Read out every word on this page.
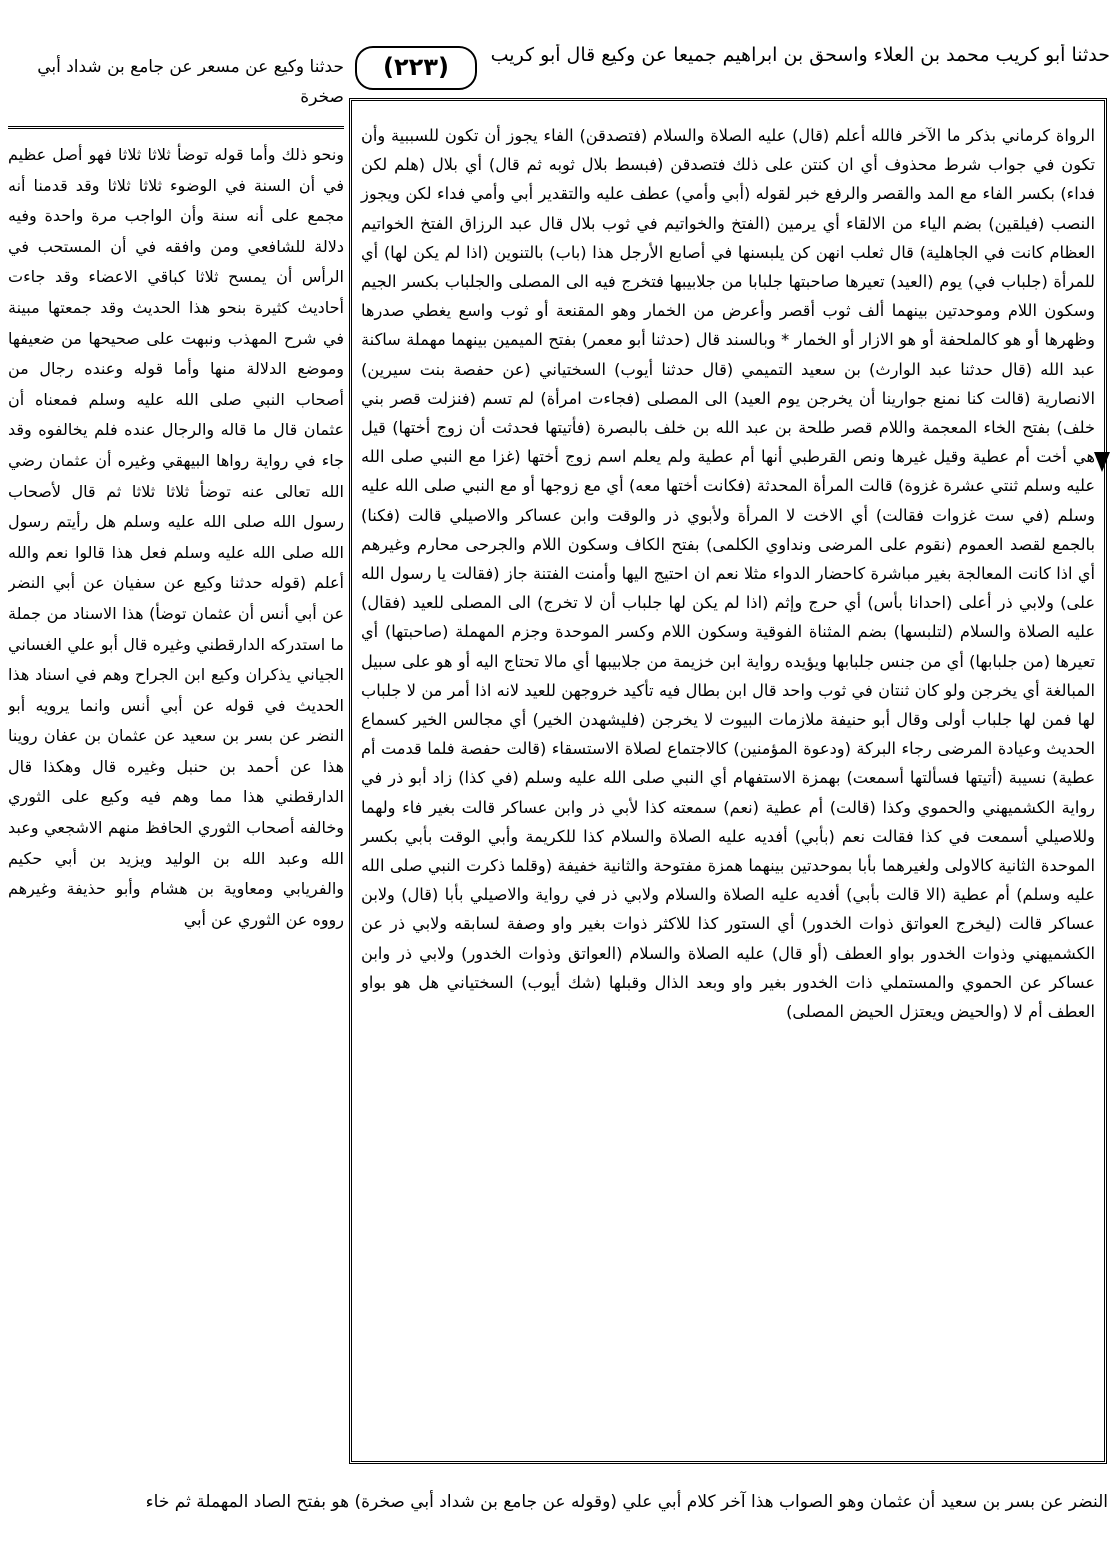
حدثنا أبو كريب محمد بن العلاء واسحق بن ابراهيم جميعا عن وكيع قال أبو كريب
(٢٢٣)
حدثنا وكيع عن مسعر عن جامع بن شداد أبي صخرة
الرواة كرماني بذكر ما الآخر فالله أعلم (قال) عليه الصلاة والسلام (فتصدقن) الفاء يجوز أن تكون للسببية وأن تكون في جواب شرط محذوف أي ان كنتن على ذلك فتصدقن (فبسط بلال ثوبه ثم قال) أي بلال (هلم لكن فداء) بكسر الفاء مع المد والقصر والرفع خبر لقوله (أبي وأمي) عطف عليه والتقدير أبي وأمي فداء لكن ويجوز النصب (فيلقين) بضم الياء من الالقاء أي يرمين (الفتخ والخواتيم في ثوب بلال قال عبد الرزاق الفتخ الخواتيم العظام كانت في الجاهلية) قال ثعلب انهن كن يلبسنها في أصابع الأرجل هذا (باب) بالتنوين (اذا لم يكن لها) أي للمرأة (جلباب في) يوم (العيد) تعيرها صاحبتها جلبابا من جلابيبها فتخرج فيه الى المصلى والجلباب بكسر الجيم وسكون اللام وموحدتين بينهما ألف ثوب أقصر وأعرض من الخمار وهو المقنعة أو ثوب واسع يغطي صدرها وظهرها أو هو كالملحفة أو هو الازار أو الخمار * وبالسند قال (حدثنا أبو معمر) بفتح الميمين بينهما مهملة ساكنة عبد الله (قال حدثنا عبد الوارث) بن سعيد التميمي (قال حدثنا أيوب) السختياني (عن حفصة بنت سيرين) الانصارية (قالت كنا نمنع جوارينا أن يخرجن يوم العيد) الى المصلى (فجاءت امرأة) لم تسم (فنزلت قصر بني خلف) بفتح الخاء المعجمة واللام قصر طلحة بن عبد الله بن خلف بالبصرة (فأتيتها فحدثت أن زوج أختها) قيل هي أخت أم عطية وقيل غيرها ونص القرطبي أنها أم عطية ولم يعلم اسم زوج أختها (غزا مع النبي صلى الله عليه وسلم ثنتي عشرة غزوة) قالت المرأة المحدثة (فكانت أختها معه) أي مع زوجها أو مع النبي صلى الله عليه وسلم (في ست غزوات فقالت) أي الاخت لا المرأة ولأبوي ذر والوقت وابن عساكر والاصيلي قالت (فكنا) بالجمع لقصد العموم (نقوم على المرضى ونداوي الكلمى) بفتح الكاف وسكون اللام والجرحى محارم وغيرهم أي اذا كانت المعالجة بغير مباشرة كاحضار الدواء مثلا نعم ان احتيج اليها وأمنت الفتنة جاز (فقالت يا رسول الله على) ولابي ذر أعلى (احدانا بأس) أي حرج وإثم (اذا لم يكن لها جلباب أن لا تخرج) الى المصلى للعيد (فقال) عليه الصلاة والسلام (لتلبسها) بضم المثناة الفوقية وسكون اللام وكسر الموحدة وجزم المهملة (صاحبتها) أي تعيرها (من جلبابها) أي من جنس جلبابها ويؤيده رواية ابن خزيمة من جلابيبها أي مالا تحتاج اليه أو هو على سبيل المبالغة أي يخرجن ولو كان ثنتان في ثوب واحد قال ابن بطال فيه تأكيد خروجهن للعيد لانه اذا أمر من لا جلباب لها فمن لها جلباب أولى وقال أبو حنيفة ملازمات البيوت لا يخرجن (فليشهدن الخير) أي مجالس الخير كسماع الحديث وعيادة المرضى رجاء البركة (ودعوة المؤمنين) كالاجتماع لصلاة الاستسقاء (قالت حفصة فلما قدمت أم عطية) نسيبة (أتيتها فسألتها أسمعت) بهمزة الاستفهام أي النبي صلى الله عليه وسلم (في كذا) زاد أبو ذر في رواية الكشميهني والحموي وكذا (قالت) أم عطية (نعم) سمعته كذا لأبي ذر وابن عساكر قالت بغير فاء ولهما وللاصيلي أسمعت في كذا فقالت نعم (بأبي) أفديه عليه الصلاة والسلام كذا للكريمة وأبي الوقت بأبي بكسر الموحدة الثانية كالاولى ولغيرهما بأبا بموحدتين بينهما همزة مفتوحة والثانية خفيفة (وقلما ذكرت النبي صلى الله عليه وسلم) أم عطية (الا قالت بأبي) أفديه عليه الصلاة والسلام ولابي ذر في رواية والاصيلي بأبا (قال) ولابن عساكر قالت (ليخرج العواتق ذوات الخدور) أي الستور كذا للاكثر ذوات بغير واو وصفة لسابقه ولابي ذر عن الكشميهني وذوات الخدور بواو العطف (أو قال) عليه الصلاة والسلام (العواتق وذوات الخدور) ولابي ذر وابن عساكر عن الحموي والمستملي ذات الخدور بغير واو وبعد الذال وقبلها (شك أيوب) السختياني هل هو بواو العطف أم لا (والحيض ويعتزل الحيض المصلى)
ونحو ذلك وأما قوله توضأ ثلاثا ثلاثا فهو أصل عظيم في أن السنة في الوضوء ثلاثا ثلاثا وقد قدمنا أنه مجمع على أنه سنة وأن الواجب مرة واحدة وفيه دلالة للشافعي ومن وافقه في أن المستحب في الرأس أن يمسح ثلاثا كباقي الاعضاء وقد جاءت أحاديث كثيرة بنحو هذا الحديث وقد جمعتها مبينة في شرح المهذب ونبهت على صحيحها من ضعيفها وموضع الدلالة منها وأما قوله وعنده رجال من أصحاب النبي صلى الله عليه وسلم فمعناه أن عثمان قال ما قاله والرجال عنده فلم يخالفوه وقد جاء في رواية رواها البيهقي وغيره أن عثمان رضي الله تعالى عنه توضأ ثلاثا ثلاثا ثم قال لأصحاب رسول الله صلى الله عليه وسلم هل رأيتم رسول الله صلى الله عليه وسلم فعل هذا قالوا نعم والله أعلم (قوله حدثنا وكيع عن سفيان عن أبي النضر عن أبي أنس أن عثمان توضأ) هذا الاسناد من جملة ما استدركه الدارقطني وغيره قال أبو علي الغساني الجياني يذكران وكيع ابن الجراح وهم في اسناد هذا الحديث في قوله عن أبي أنس وانما يرويه أبو النضر عن بسر بن سعيد عن عثمان بن عفان روينا هذا عن أحمد بن حنبل وغيره قال وهكذا قال الدارقطني هذا مما وهم فيه وكيع على الثوري وخالفه أصحاب الثوري الحافظ منهم الاشجعي وعبد الله وعبد الله بن الوليد ويزيد بن أبي حكيم والفريابي ومعاوية بن هشام وأبو حذيفة وغيرهم رووه عن الثوري عن أبي
النضر عن بسر بن سعيد أن عثمان وهو الصواب هذا آخر كلام أبي علي (وقوله عن جامع بن شداد أبي صخرة) هو بفتح الصاد المهملة ثم خاء
